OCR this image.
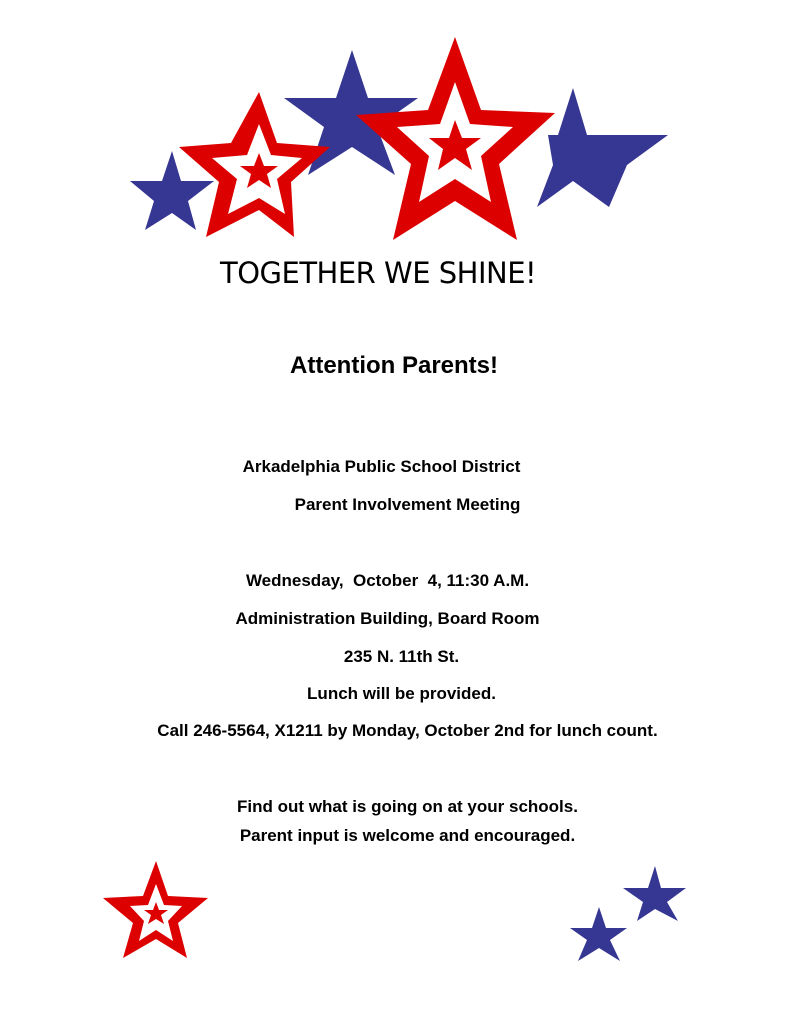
TOGETHER WE SHINE!
Attention Parents!
Arkadelphia Public School District
Parent Involvement Meeting
Wednesday,  October  4, 11:30 A.M.
Administration Building, Board Room
235 N. 11th St.
Lunch will be provided.
Call 246-5564, X1211 by Monday, October 2nd for lunch count.
Find out what is going on at your schools.
Parent input is welcome and encouraged.
